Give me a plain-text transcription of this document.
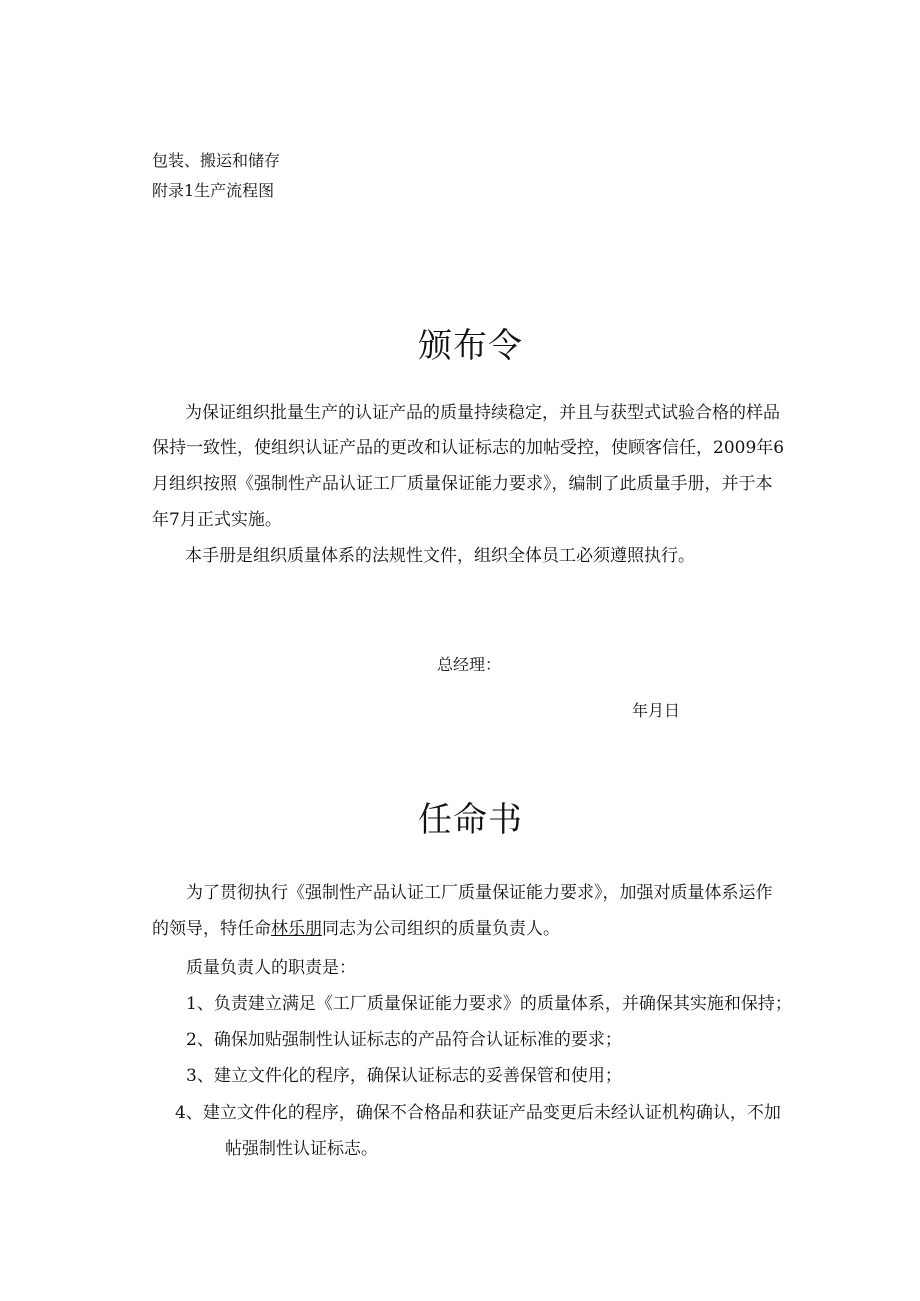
包装、搬运和储存
附录1生产流程图
颁布令
为保证组织批量生产的认证产品的质量持续稳定，并且与获型式试验合格的样品
保持一致性，使组织认证产品的更改和认证标志的加帖受控，使顾客信任，2009年6
月组织按照《强制性产品认证工厂质量保证能力要求》，编制了此质量手册，并于本
年7月正式实施。
本手册是组织质量体系的法规性文件，组织全体员工必须遵照执行。
总经理：
年月日
任命书
为了贯彻执行《强制性产品认证工厂质量保证能力要求》，加强对质量体系运作
的领导，特任命林乐朋同志为公司组织的质量负责人。
质量负责人的职责是：
1、负责建立满足《工厂质量保证能力要求》的质量体系，并确保其实施和保持；
2、确保加贴强制性认证标志的产品符合认证标准的要求；
3、建立文件化的程序，确保认证标志的妥善保管和使用；
4、建立文件化的程序，确保不合格品和获证产品变更后未经认证机构确认，不加
帖强制性认证标志。
